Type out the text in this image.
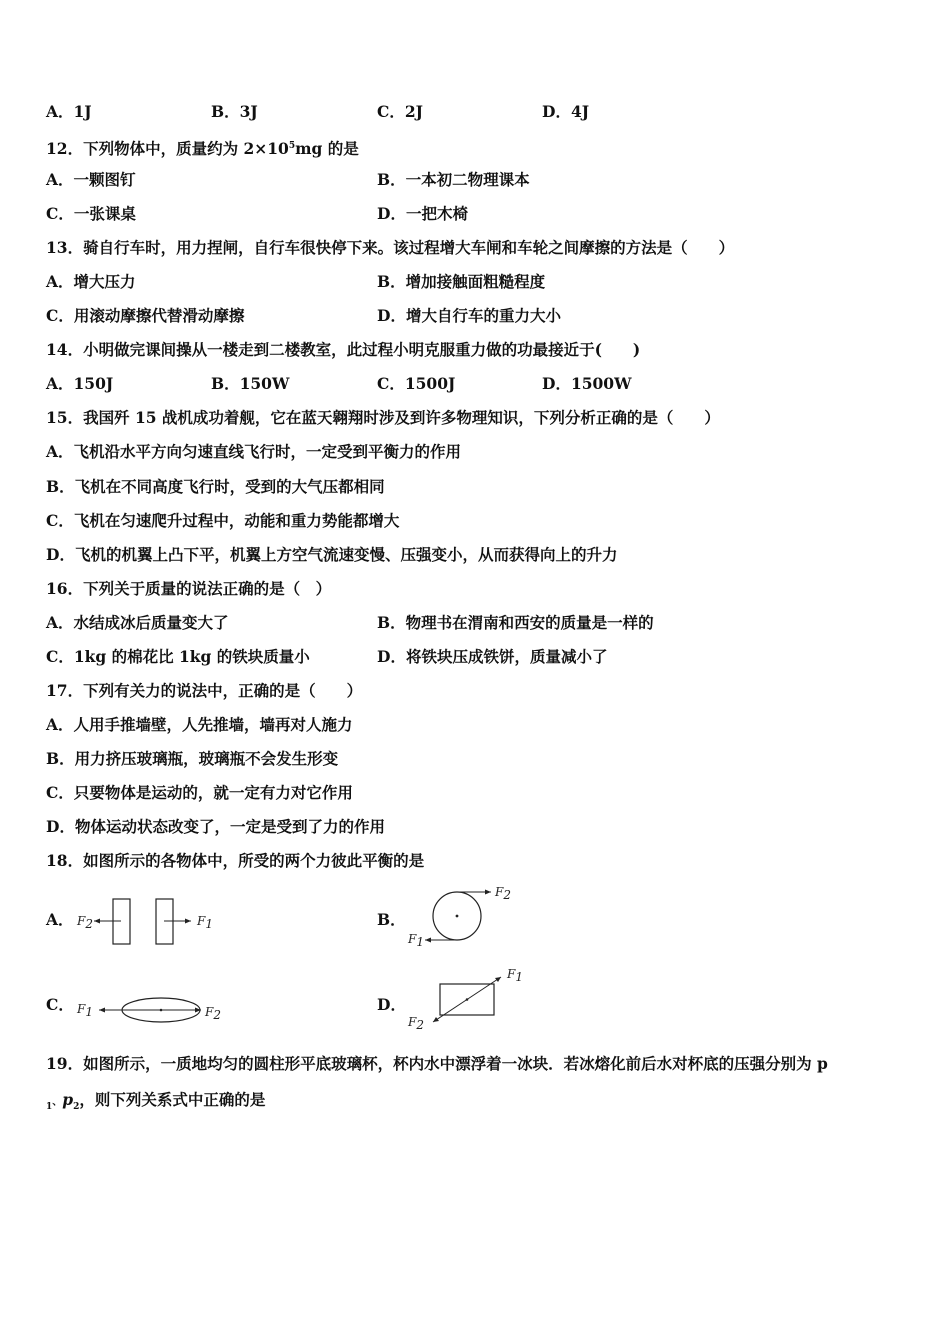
A．1J	B．3J	C．2J	D．4J
12．下列物体中，质量约为 $2\times 10^5mg$ 的是
A．一颗图钉	B．一本初二物理课本
C．一张课桌	D．一把木椅
13．骑自行车时，用力捏闸，自行车很快停下来。该过程增大车闸和车轮之间摩擦的方法是（　　）
A．增大压力	B．增加接触面粗糙程度
C．用滚动摩擦代替滑动摩擦	D．增大自行车的重力大小
14．小明做完课间操从一楼走到二楼教室，此过程小明克服重力做的功最接近于(　　)
A．150J	B．150W	C．1500J	D．1500W
15．我国歼 15 战机成功着舰，它在蓝天翱翔时涉及到许多物理知识，下列分析正确的是（　　）
A．飞机沿水平方向匀速直线飞行时，一定受到平衡力的作用
B．飞机在不同高度飞行时，受到的大气压都相同
C．飞机在匀速爬升过程中，动能和重力势能都增大
D．飞机的机翼上凸下平，机翼上方空气流速变慢、压强变小，从而获得向上的升力
16．下列关于质量的说法正确的是（　）
A．水结成冰后质量变大了	B．物理书在渭南和西安的质量是一样的
C．1kg 的棉花比 1kg 的铁块质量小	D．将铁块压成铁饼，质量减小了
17．下列有关力的说法中，正确的是（　　）
A．人用手推墙壁，人先推墙，墙再对人施力
B．用力挤压玻璃瓶，玻璃瓶不会发生形变
C．只要物体是运动的，就一定有力对它作用
D．物体运动状态改变了，一定是受到了力的作用
18．如图所示的各物体中，所受的两个力彼此平衡的是
A． F2	F1	B．
F2
F1
C． F1	F2
D．
F1
F2
19．如图所示，一质地均匀的圆柱形平底玻璃杯，杯内水中漂浮着一冰块．若冰熔化前后水对杯底的压强分别为 p
$_1$、$p_2$，则下列关系式中正确的是
